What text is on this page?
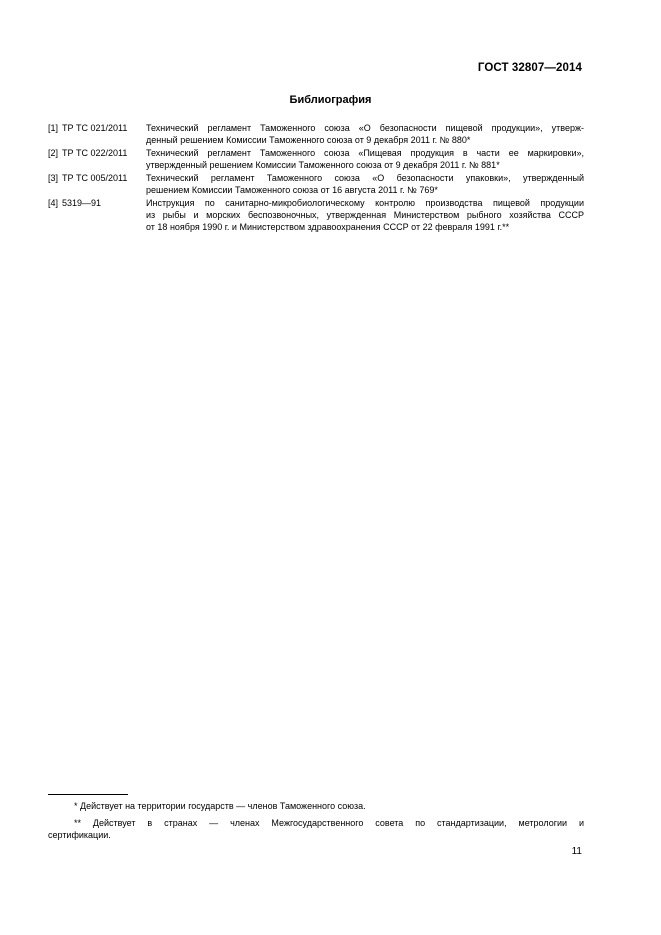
ГОСТ 32807—2014
Библиография
[1] ТР ТС 021/2011	Технический регламент Таможенного союза «О безопасности пищевой продукции», утверж-
денный решением Комиссии Таможенного союза от 9 декабря 2011 г. № 880*
[2] ТР ТС 022/2011	Технический регламент Таможенного союза «Пищевая продукция в части ее маркировки»,
утвержденный решением Комиссии Таможенного союза от 9 декабря 2011 г. № 881*
[3] ТР ТС 005/2011	Технический регламент Таможенного союза «О безопасности упаковки», утвержденный
решением Комиссии Таможенного союза от 16 августа 2011 г. № 769*
[4] 5319—91	Инструкция по санитарно-микробиологическому контролю производства пищевой продукции
из рыбы и морских беспозвоночных, утвержденная Министерством рыбного хозяйства СССР
от 18 ноября 1990 г. и Министерством здравоохранения СССР от 22 февраля 1991 г.**

* Действует на территории государств — членов Таможенного союза.

** Действует в странах — членах Межгосударственного совета по стандартизации, метрологии и
сертификации.

11
